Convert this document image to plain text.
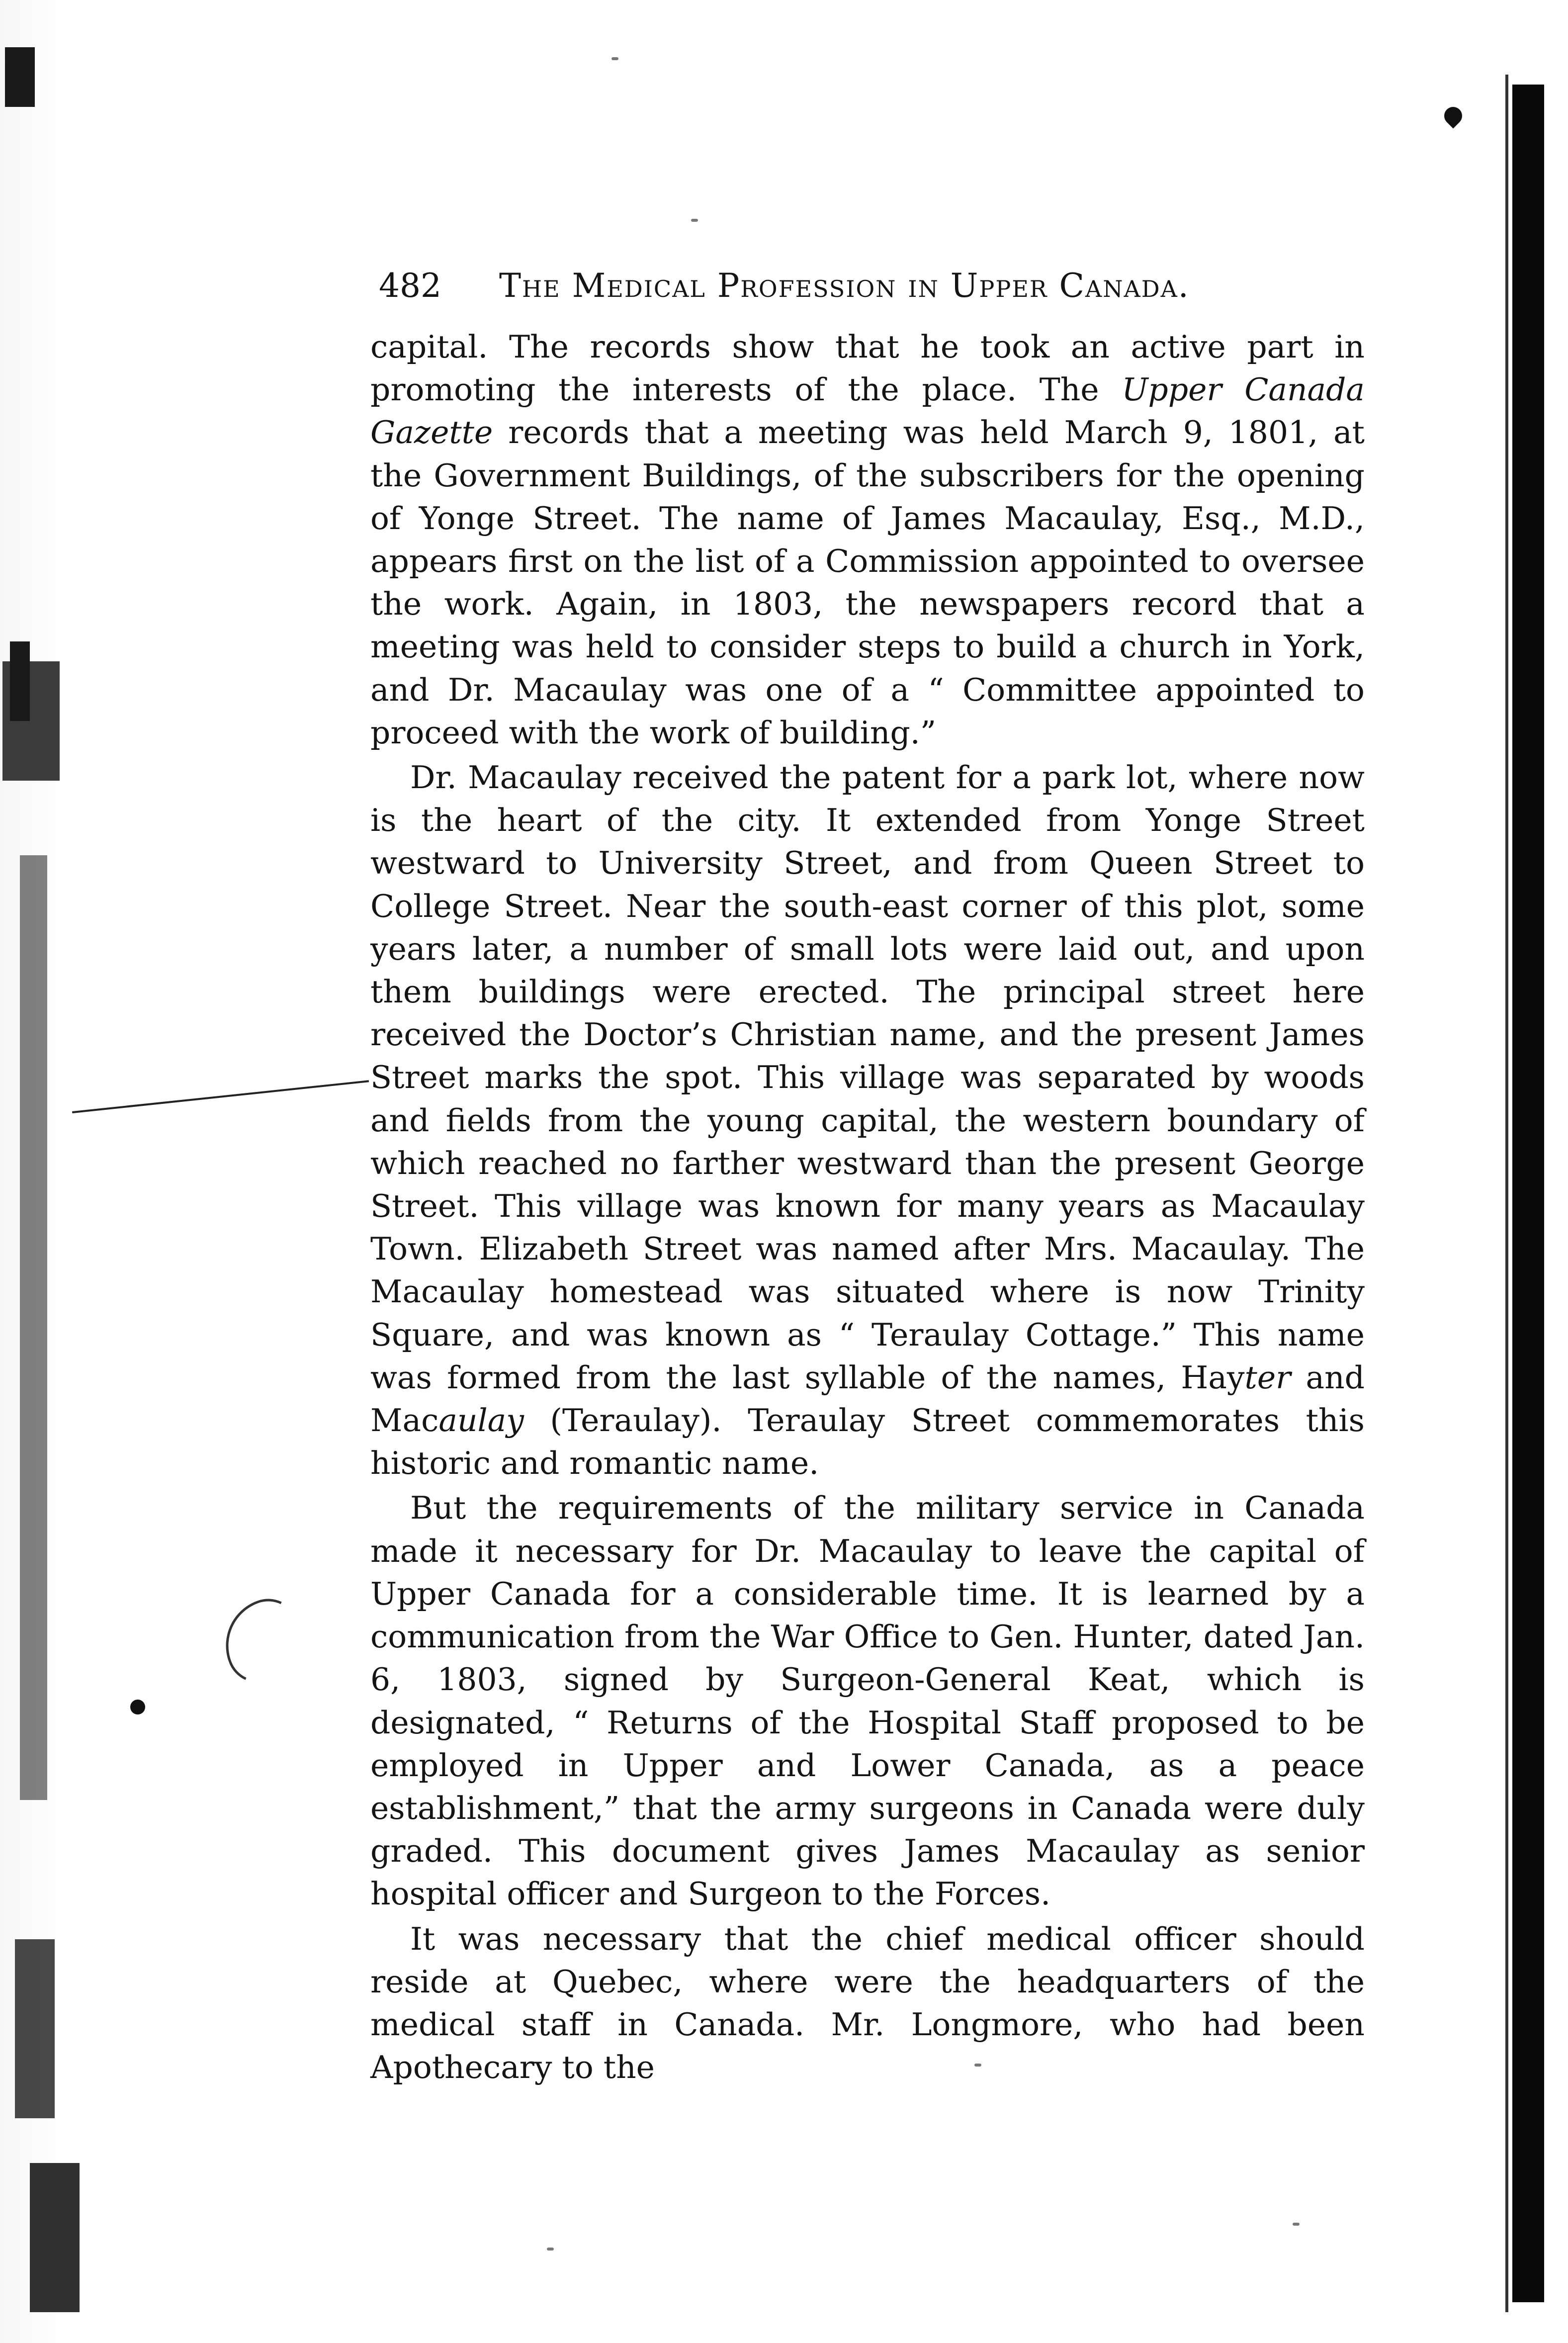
482 The Medical Profession in Upper Canada.

capital. The records show that he took an active part in promoting the interests of the place. The Upper Canada Gazette records that a meeting was held March 9, 1801, at the Government Buildings, of the subscribers for the opening of Yonge Street. The name of James Macaulay, Esq., M.D., appears first on the list of a Commission appointed to oversee the work. Again, in 1803, the newspapers record that a meeting was held to consider steps to build a church in York, and Dr. Macaulay was one of a “ Committee appointed to proceed with the work of building.”

Dr. Macaulay received the patent for a park lot, where now is the heart of the city. It extended from Yonge Street westward to University Street, and from Queen Street to College Street. Near the south-east corner of this plot, some years later, a number of small lots were laid out, and upon them buildings were erected. The principal street here received the Doctor’s Christian name, and the present James Street marks the spot. This village was separated by woods and fields from the young capital, the western boundary of which reached no farther westward than the present George Street. This village was known for many years as Macaulay Town. Elizabeth Street was named after Mrs. Macaulay. The Macaulay homestead was situated where is now Trinity Square, and was known as “ Teraulay Cottage.” This name was formed from the last syllable of the names, Hayter and Macaulay (Teraulay). Teraulay Street commemorates this historic and romantic name.

But the requirements of the military service in Canada made it necessary for Dr. Macaulay to leave the capital of Upper Canada for a considerable time. It is learned by a communication from the War Office to Gen. Hunter, dated Jan. 6, 1803, signed by Surgeon-General Keat, which is designated, “ Returns of the Hospital Staff proposed to be employed in Upper and Lower Canada, as a peace establishment,” that the army surgeons in Canada were duly graded. This document gives James Macaulay as senior hospital officer and Surgeon to the Forces.

It was necessary that the chief medical officer should reside at Quebec, where were the headquarters of the medical staff in Canada. Mr. Longmore, who had been Apothecary to the
